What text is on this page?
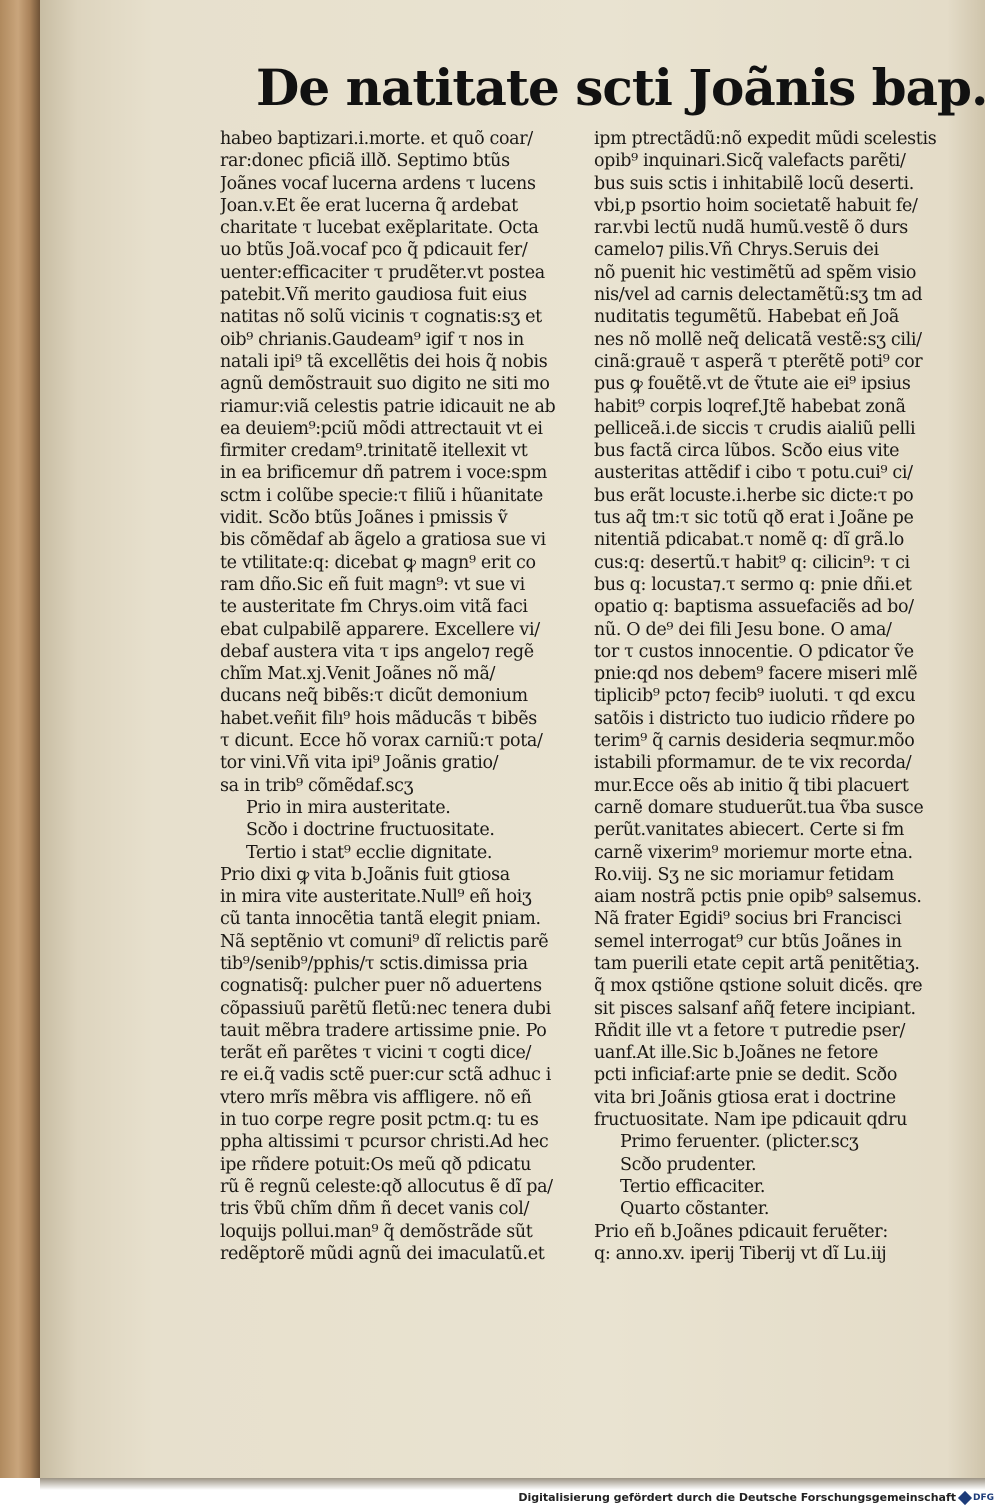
De natitate scti Joãnis bap.
habeo baptizari.i.morte. et quõ coar/
rar:donec pficiã illð. Septimo btũs
Joãnes vocaf lucerna ardens τ lucens
Joan.v.Et ẽe erat lucerna q̃ ardebat
charitate τ lucebat exẽplaritate. Octa
uo btũs Joã.vocaf pco q̃ pdicauit fer/
uenter:efficaciter τ prudẽter.vt postea
patebit.Vñ merito gaudiosa fuit eius
natitas nõ solũ vicinis τ cognatis:sʒ et
oib⁹ chrianis.Gaudeam⁹ igif τ nos in
natali ipi⁹ tã excellẽtis dei hois q̃ nobis
agnũ demõstrauit suo digito ne siti mo
riamur:viã celestis patrie idicauit ne ab
ea deuiem⁹:pciũ mõdi attrectauit vt ei
firmiter credam⁹.trinitatẽ itellexit vt
in ea brificemur dñ patrem i voce:spm
sctm i colũbe specie:τ filiũ i hũanitate
vidit. Scðo btũs Joãnes i pmissis ṽ
bis cõmẽdaf ab ãgelo a gratiosa sue vi
te vtilitate:q: dicebat ꝙ magn⁹ erit co
ram dño.Sic eñ fuit magn⁹: vt sue vi
te austeritate fm Chrys.oim vitã faci
ebat culpabilẽ apparere. Excellere vi/
debaf austera vita τ ips angelo⁊ regẽ
chĩm Mat.xj.Venit Joãnes nõ mã/
ducans neq̃ bibẽs:τ dicũt demonium
habet.veñit filı⁹ hois mãducãs τ bibẽs
τ dicunt. Ecce hõ vorax carniũ:τ pota/
tor vini.Vñ vita ipi⁹ Joãnis gratio/
sa in trib⁹ cõmẽdaf.scʒ
Prio in mira austeritate.
Scðo i doctrine fructuositate.
Tertio i stat⁹ ecclie dignitate.
Prio dixi ꝙ vita b.Joãnis fuit gtiosa
in mira vite austeritate.Null⁹ eñ hoiʒ
cũ tanta innocẽtia tantã elegit pniam.
Nã septẽnio vt comuni⁹ dĩ relictis parẽ
tib⁹/senib⁹/pphis/τ sctis.dimissa pria
cognatisq̃: pulcher puer nõ aduertens
cõpassiuũ parẽtũ fletũ:nec tenera dubi
tauit mẽbra tradere artissime pnie. Po
terãt eñ parẽtes τ vicini τ cogti dice/
re ei.q̃ vadis sctẽ puer:cur sctã adhuc i
vtero mrĩs mẽbra vis affligere. nõ eñ
in tuo corpe regre posit pctm.q: tu es
ppha altissimi τ pcursor christi.Ad hec
ipe rñdere potuit:Os meũ qð pdicatu
rũ ẽ regnũ celeste:qð allocutus ẽ dĩ pa/
tris ṽbũ chĩm dñm ñ decet vanis col/
loquijs pollui.man⁹ q̃ demõstrãde sũt
redẽptorẽ mũdi agnũ dei imaculatũ.et
ipm ptrectãdũ:nõ expedit mũdi scelestis
opib⁹ inquinari.Sicq̃ valefacts parẽti/
bus suis sctis i inhitabilẽ locũ deserti.
vbi,p psortio hoim societatẽ habuit fe/
rar.vbi lectũ nudã humũ.vestẽ õ durs
camelo⁊ pilis.Vñ Chrys.Seruis dei
nõ puenit hic vestimẽtũ ad spẽm visio
nis/vel ad carnis delectamẽtũ:sʒ tm ad
nuditatis tegumẽtũ. Habebat eñ Joã
nes nõ mollẽ neq̃ delicatã vestẽ:sʒ cili/
cinã:grauẽ τ asperã τ pterẽtẽ poti⁹ cor
pus ꝙ fouẽtẽ.vt de ṽtute aie ei⁹ ipsius
habit⁹ corpis loqref.Jtẽ habebat zonã
pelliceã.i.de siccis τ crudis aialiũ pelli
bus factã circa lũbos. Scðo eius vite
austeritas attẽdif i cibo τ potu.cui⁹ ci/
bus erãt locuste.i.herbe sic dicte:τ po
tus aq̃ tm:τ sic totũ qð erat i Joãne pe
nitentiã pdicabat.τ nomẽ q: dĩ grã.lo
cus:q: desertũ.τ habit⁹ q: cilicin⁹: τ ci
bus q: locusta⁊.τ sermo q: pnie dñi.et
opatio q: baptisma assuefaciẽs ad bo/
nũ. O de⁹ dei fili Jesu bone. O ama/
tor τ custos innocentie. O pdicator ṽe
pnie:qd nos debem⁹ facere miseri mlẽ
tiplicib⁹ pcto⁊ fecib⁹ iuoluti. τ qd excu
satõis i districto tuo iudicio rñdere po
terim⁹ q̃ carnis desideria seqmur.mõo
istabili pformamur. de te vix recorda/
mur.Ecce oẽs ab initio q̃ tibi placuert
carnẽ domare studuerũt.tua ṽba susce
perũt.vanitates abiecert. Certe si fm
carnẽ vixerim⁹ moriemur morte eṫna.
Ro.viij. Sʒ ne sic moriamur fetidam
aiam nostrã pctis pnie opib⁹ salsemus.
Nã frater Egidi⁹ socius bri Francisci
semel interrogat⁹ cur btũs Joãnes in
tam puerili etate cepit artã penitẽtiaʒ.
q̃ mox qstiõne qstione soluit dicẽs. qre
sit pisces salsanf añq̃ fetere incipiant.
Rñdit ille vt a fetore τ putredie pser/
uanf.At ille.Sic b.Joãnes ne fetore
pcti inficiaf:arte pnie se dedit. Scðo
vita bri Joãnis gtiosa erat i doctrine
fructuositate. Nam ipe pdicauit qdru
Primo feruenter. (plicter.scʒ
Scðo prudenter.
Tertio efficaciter.
Quarto cõstanter.
Prio eñ b.Joãnes pdicauit feruẽter:
q: anno.xv. iperij Tiberij vt dĩ Lu.iij
Digitalisierung gefördert durch die Deutsche Forschungsgemeinschaft DFG
